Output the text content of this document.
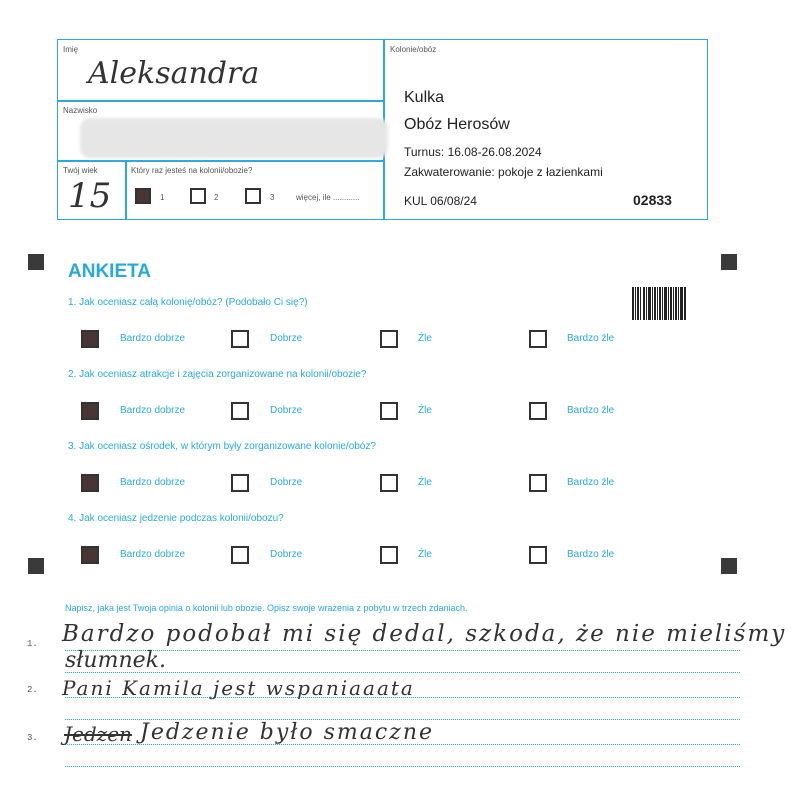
Imię
Aleksandra
Nazwisko
Twój wiek
15
Który raz jesteś na kolonii/obozie?
1	2	3	więcej, ile ............
Kolonie/obóz
Kulka
Obóz Herosów
Turnus: 16.08-26.08.2024
Zakwaterowanie: pokoje z łazienkami
KUL 06/08/24	02833
ANKIETA
1. Jak oceniasz całą kolonię/obóz? (Podobało Ci się?)
Bardzo dobrze	Dobrze	Źle	Bardzo źle
2. Jak oceniasz atrakcje i zajęcia zorganizowane na kolonii/obozie?
Bardzo dobrze	Dobrze	Źle	Bardzo źle
3. Jak oceniasz ośrodek, w którym były zorganizowane kolonie/obóz?
Bardzo dobrze	Dobrze	Źle	Bardzo źle
4. Jak oceniasz jedzenie podczas kolonii/obozu?
Bardzo dobrze	Dobrze	Źle	Bardzo źle
Napisz, jaka jest Twoja opinia o kolonii lub obozie. Opisz swoje wrażenia z pobytu w trzech zdaniach.
1.
2.
3.
Bardzo podobał mi się dedal, szkoda, że nie mieliśmy
słumnek.
Pani Kamila jest wspaniaaata
Jedzen Jedzenie było smaczne
